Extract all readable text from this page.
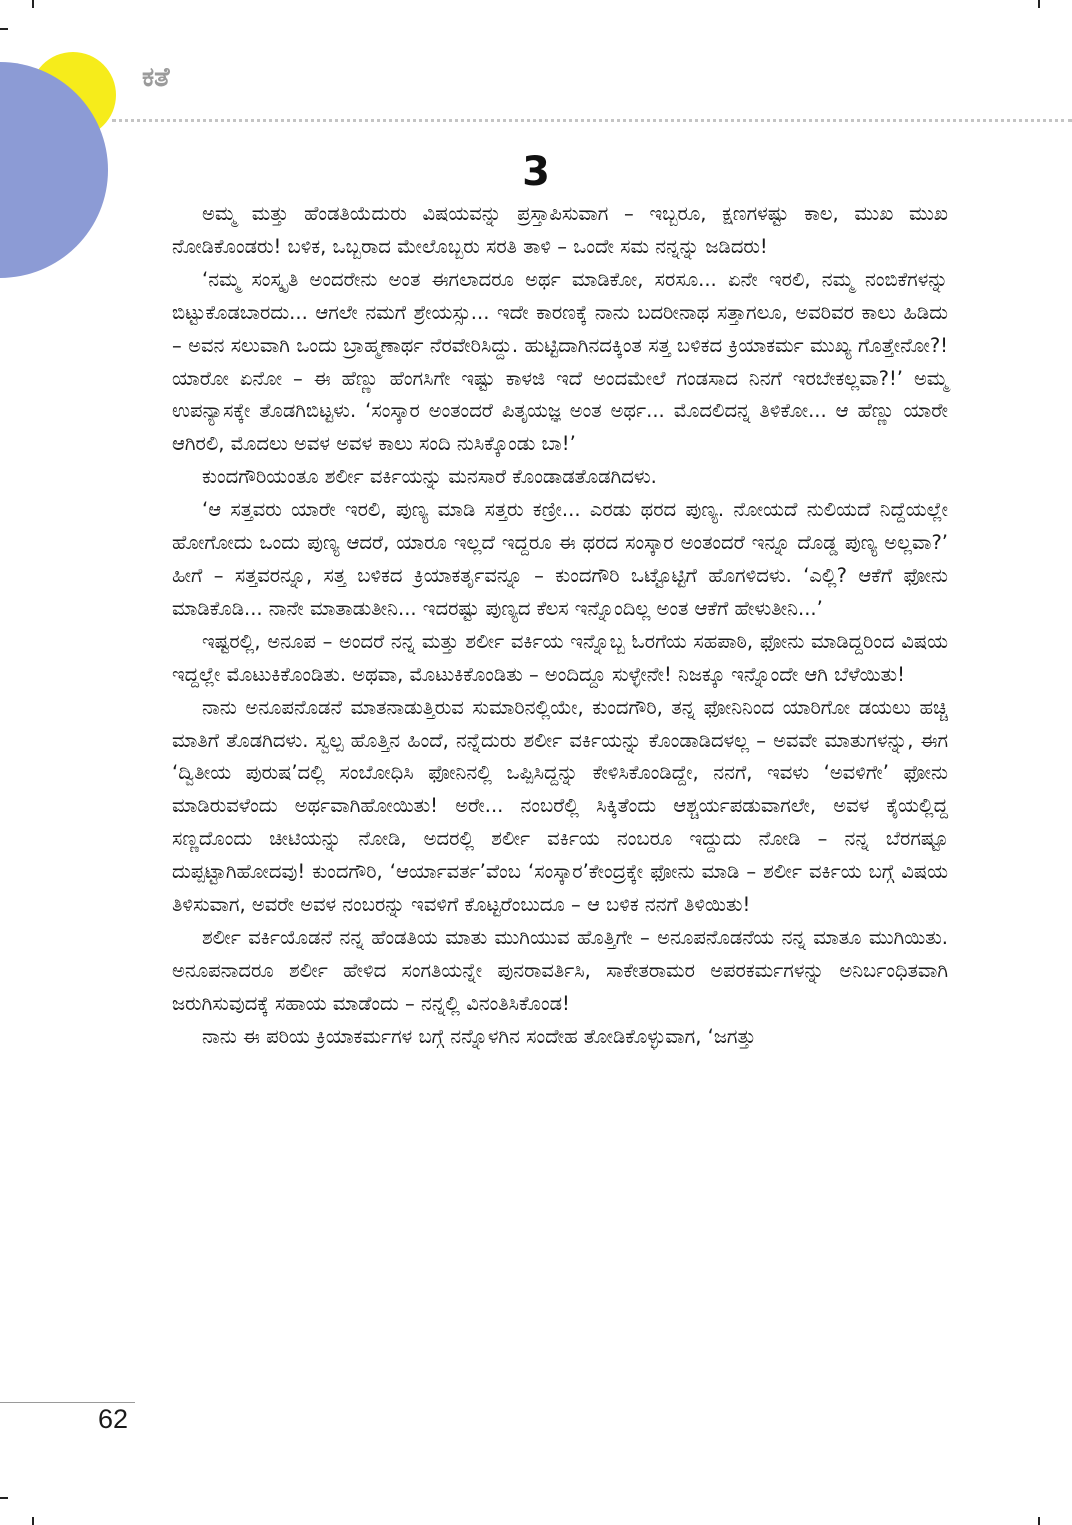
ಕತೆ
3

ಅಮ್ಮ ಮತ್ತು ಹೆಂಡತಿಯೆದುರು ವಿಷಯವನ್ನು ಪ್ರಸ್ತಾಪಿಸುವಾಗ – ಇಬ್ಬರೂ, ಕ್ಷಣಗಳಷ್ಟು ಕಾಲ, ಮುಖ ಮುಖ ನೋಡಿಕೊಂಡರು! ಬಳಿಕ, ಒಬ್ಬರಾದ ಮೇಲೊಬ್ಬರು ಸರತಿ ತಾಳಿ – ಒಂದೇ ಸಮ ನನ್ನನ್ನು ಜಡಿದರು!

‘ನಮ್ಮ ಸಂಸ್ಕೃತಿ ಅಂದರೇನು ಅಂತ ಈಗಲಾದರೂ ಅರ್ಥ ಮಾಡಿಕೋ, ಸರಸೂ... ಏನೇ ಇರಲಿ, ನಮ್ಮ ನಂಬಿಕೆಗಳನ್ನು ಬಿಟ್ಟುಕೊಡಬಾರದು... ಆಗಲೇ ನಮಗೆ ಶ್ರೇಯಸ್ಸು... ಇದೇ ಕಾರಣಕ್ಕೆ ನಾನು ಬದರೀನಾಥ ಸತ್ತಾಗಲೂ, ಅವರಿವರ ಕಾಲು ಹಿಡಿದು – ಅವನ ಸಲುವಾಗಿ ಒಂದು ಬ್ರಾಹ್ಮಣಾರ್ಥ ನೆರವೇರಿಸಿದ್ದು. ಹುಟ್ಟಿದಾಗಿನದಕ್ಕಿಂತ ಸತ್ತ ಬಳಿಕದ ಕ್ರಿಯಾಕರ್ಮ ಮುಖ್ಯ ಗೊತ್ತೇನೋ?! ಯಾರೋ ಏನೋ – ಈ ಹೆಣ್ಣು ಹೆಂಗಸಿಗೇ ಇಷ್ಟು ಕಾಳಜಿ ಇದೆ ಅಂದಮೇಲೆ ಗಂಡಸಾದ ನಿನಗೆ ಇರಬೇಕಲ್ಲವಾ?!’ ಅಮ್ಮ ಉಪನ್ಯಾಸಕ್ಕೇ ತೊಡಗಿಬಿಟ್ಟಳು. ‘ಸಂಸ್ಕಾರ ಅಂತಂದರೆ ಪಿತೃಯಜ್ಞ ಅಂತ ಅರ್ಥ... ಮೊದಲಿದನ್ನ ತಿಳಿಕೋ... ಆ ಹೆಣ್ಣು ಯಾರೇ ಆಗಿರಲಿ, ಮೊದಲು ಅವಳ ಅವಳ ಕಾಲು ಸಂದಿ ನುಸಿಕ್ಕೊಂಡು ಬಾ!’

ಕುಂದಗೌರಿಯಂತೂ ಶರ್ಲೀ ವರ್ಕಿಯನ್ನು ಮನಸಾರೆ ಕೊಂಡಾಡತೊಡಗಿದಳು.

‘ಆ ಸತ್ತವರು ಯಾರೇ ಇರಲಿ, ಪುಣ್ಯ ಮಾಡಿ ಸತ್ತರು ಕಣ್ರೀ... ಎರಡು ಥರದ ಪುಣ್ಯ. ನೋಯದೆ ನುಲಿಯದೆ ನಿದ್ದೆಯಲ್ಲೇ ಹೋಗೋದು ಒಂದು ಪುಣ್ಯ ಆದರೆ, ಯಾರೂ ಇಲ್ಲದೆ ಇದ್ದರೂ ಈ ಥರದ ಸಂಸ್ಕಾರ ಅಂತಂದರೆ ಇನ್ನೂ ದೊಡ್ಡ ಪುಣ್ಯ ಅಲ್ಲವಾ?’ ಹೀಗೆ – ಸತ್ತವರನ್ನೂ, ಸತ್ತ ಬಳಿಕದ ಕ್ರಿಯಾಕರ್ತೃವನ್ನೂ – ಕುಂದಗೌರಿ ಒಟ್ಟೊಟ್ಟಿಗೆ ಹೊಗಳಿದಳು. ‘ಎಲ್ಲಿ? ಆಕೆಗೆ ಫೋನು ಮಾಡಿಕೊಡಿ... ನಾನೇ ಮಾತಾಡುತೀನಿ... ಇದರಷ್ಟು ಪುಣ್ಯದ ಕೆಲಸ ಇನ್ನೊಂದಿಲ್ಲ ಅಂತ ಆಕೆಗೆ ಹೇಳುತೀನಿ...’

ಇಷ್ಟರಲ್ಲಿ, ಅನೂಪ – ಅಂದರೆ ನನ್ನ ಮತ್ತು ಶರ್ಲೀ ವರ್ಕಿಯ ಇನ್ನೊಬ್ಬ ಓರಗೆಯ ಸಹಪಾಠಿ, ಫೋನು ಮಾಡಿದ್ದರಿಂದ ವಿಷಯ ಇದ್ದಲ್ಲೇ ಮೊಟುಕಿಕೊಂಡಿತು. ಅಥವಾ, ಮೊಟುಕಿಕೊಂಡಿತು – ಅಂದಿದ್ದೂ ಸುಳ್ಳೇನೇ! ನಿಜಕ್ಕೂ ಇನ್ನೊಂದೇ ಆಗಿ ಬೆಳೆಯಿತು!

ನಾನು ಅನೂಪನೊಡನೆ ಮಾತನಾಡುತ್ತಿರುವ ಸುಮಾರಿನಲ್ಲಿಯೇ, ಕುಂದಗೌರಿ, ತನ್ನ ಫೋನಿನಿಂದ ಯಾರಿಗೋ ಡಯಲು ಹಚ್ಚಿ ಮಾತಿಗೆ ತೊಡಗಿದಳು. ಸ್ವಲ್ಪ ಹೊತ್ತಿನ ಹಿಂದೆ, ನನ್ನೆದುರು ಶರ್ಲೀ ವರ್ಕಿಯನ್ನು ಕೊಂಡಾಡಿದಳಲ್ಲ – ಅವವೇ ಮಾತುಗಳನ್ನು, ಈಗ ‘ದ್ವಿತೀಯ ಪುರುಷ’ದಲ್ಲಿ ಸಂಬೋಧಿಸಿ ಫೋನಿನಲ್ಲಿ ಒಪ್ಪಿಸಿದ್ದನ್ನು ಕೇಳಿಸಿಕೊಂಡಿದ್ದೇ, ನನಗೆ, ಇವಳು ‘ಅವಳಿಗೇ’ ಫೋನು ಮಾಡಿರುವಳೆಂದು ಅರ್ಥವಾಗಿಹೋಯಿತು! ಅರೇ... ನಂಬರೆಲ್ಲಿ ಸಿಕ್ಕಿತೆಂದು ಆಶ್ಚರ್ಯಪಡುವಾಗಲೇ, ಅವಳ ಕೈಯಲ್ಲಿದ್ದ ಸಣ್ಣದೊಂದು ಚೀಟಿಯನ್ನು ನೋಡಿ, ಅದರಲ್ಲಿ ಶರ್ಲೀ ವರ್ಕಿಯ ನಂಬರೂ ಇದ್ದುದು ನೋಡಿ – ನನ್ನ ಬೆರಗಷ್ಟೂ ದುಪ್ಪಟ್ಟಾಗಿಹೋದವು! ಕುಂದಗೌರಿ, ‘ಆರ್ಯಾವರ್ತ’ವೆಂಬ ‘ಸಂಸ್ಕಾರ’ಕೇಂದ್ರಕ್ಕೇ ಫೋನು ಮಾಡಿ – ಶರ್ಲೀ ವರ್ಕಿಯ ಬಗ್ಗೆ ವಿಷಯ ತಿಳಿಸುವಾಗ, ಅವರೇ ಅವಳ ನಂಬರನ್ನು ಇವಳಿಗೆ ಕೊಟ್ಟರೆಂಬುದೂ – ಆ ಬಳಿಕ ನನಗೆ ತಿಳಿಯಿತು!

ಶರ್ಲೀ ವರ್ಕಿಯೊಡನೆ ನನ್ನ ಹೆಂಡತಿಯ ಮಾತು ಮುಗಿಯುವ ಹೊತ್ತಿಗೇ – ಅನೂಪನೊಡನೆಯ ನನ್ನ ಮಾತೂ ಮುಗಿಯಿತು. ಅನೂಪನಾದರೂ ಶರ್ಲೀ ಹೇಳಿದ ಸಂಗತಿಯನ್ನೇ ಪುನರಾವರ್ತಿಸಿ, ಸಾಕೇತರಾಮರ ಅಪರಕರ್ಮಗಳನ್ನು ಅನಿರ್ಬಂಧಿತವಾಗಿ ಜರುಗಿಸುವುದಕ್ಕೆ ಸಹಾಯ ಮಾಡೆಂದು – ನನ್ನಲ್ಲಿ ವಿನಂತಿಸಿಕೊಂಡ!

ನಾನು ಈ ಪರಿಯ ಕ್ರಿಯಾಕರ್ಮಗಳ ಬಗ್ಗೆ ನನ್ನೊಳಗಿನ ಸಂದೇಹ ತೋಡಿಕೊಳ್ಳುವಾಗ, ‘ಜಗತ್ತು

62
